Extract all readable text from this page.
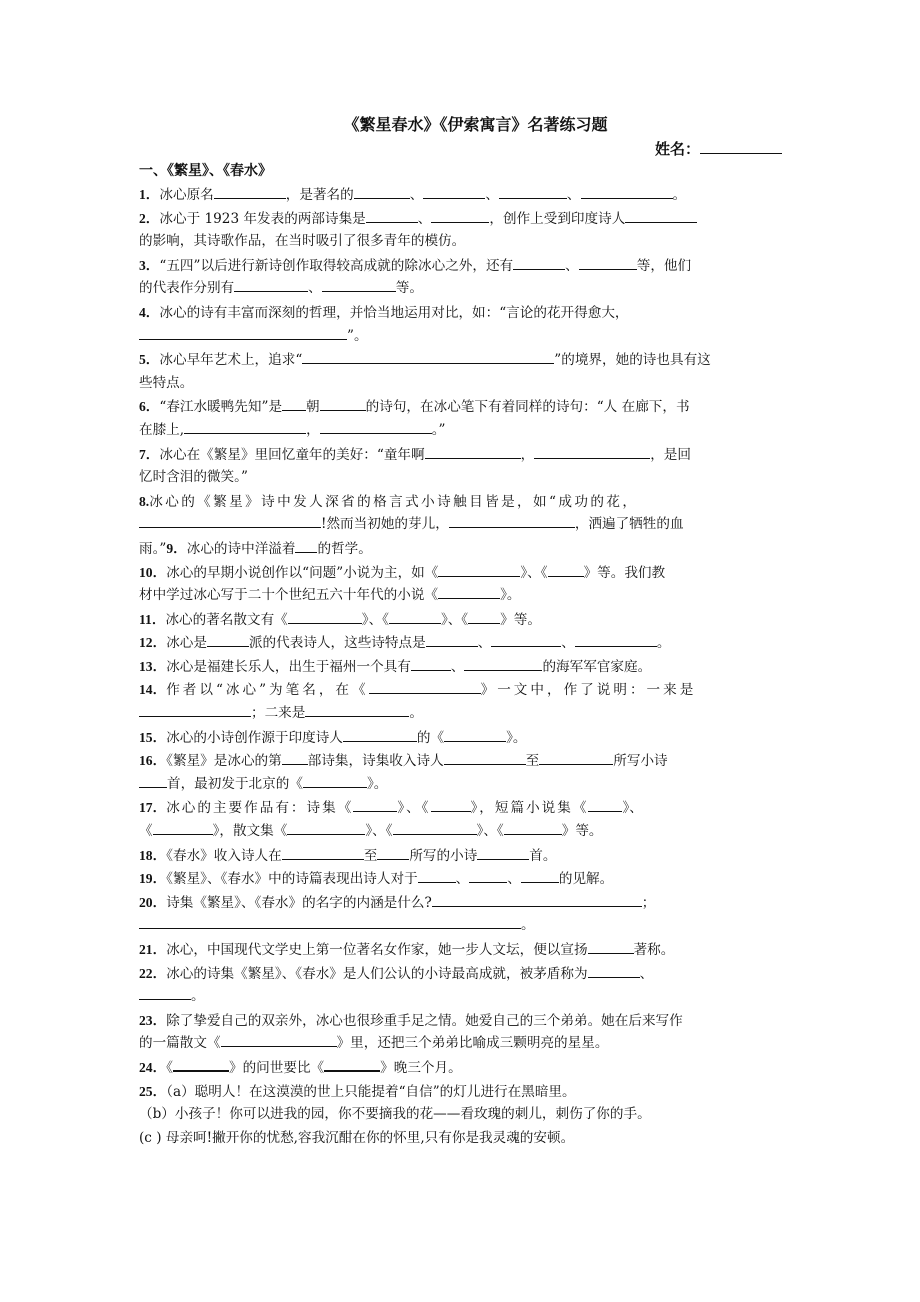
《繁星春水》《伊索寓言》名著练习题
姓名：
一、《繁星》、《春水》
1．冰心原名	，是著名的	、	、	、	。
2．冰心于 1923 年发表的两部诗集是	、	，创作上受到印度诗人
的影响，其诗歌作品，在当时吸引了很多青年的模仿。
3．“五四”以后进行新诗创作取得较高成就的除冰心之外，还有	、	等，他们
的代表作分别有	、	等。
4．冰心的诗有丰富而深刻的哲理，并恰当地运用对比，如：“言论的花开得愈大，
”。
5．冰心早年艺术上，追求“	”的境界，她的诗也具有这
些特点。
6．“春江水暖鸭先知”是 朝	的诗句，在冰心笔下有着同样的诗句：“人 在廊下，书
在膝上,	，	。”
7．冰心在《繁星》里回忆童年的美好：“童年啊	，	，是回
忆时含泪的微笑。”
8.冰心的《繁星》诗中发人深省的格言式小诗触目皆是，如“成功的花，
!然而当初她的芽儿，	，洒遍了牺牲的血
雨。”9．冰心的诗中洋溢着 的哲学。
10．冰心的早期小说创作以“问题”小说为主，如《	》、《	》等。我们教
材中学过冰心写于二十个世纪五六十年代的小说《	》。
11．冰心的著名散文有《	》、《	》、《 》等。
12．冰心是	派的代表诗人，这些诗特点是	、	、	。
13．冰心是福建长乐人，出生于福州一个具有	、	的海军军官家庭。
14．作者以“冰心”为笔名，在《	》一文中，作了说明：一来是
；二来是	。
15．冰心的小诗创作源于印度诗人	的《	》。
16．《繁星》是冰心的第 部诗集，诗集收入诗人	至	所写小诗
首，最初发于北京的《	》。
17．冰心的主要作品有：诗集《	》、《	》，短篇小说集《	》、
《	》，散文集《	》、《	》、《	》等。
18．《春水》收入诗人在	至 所写的小诗	首。
19．《繁星》、《春水》中的诗篇表现出诗人对于	、	、	的见解。
20．诗集《繁星》、《春水》的名字的内涵是什么?	；
。
21．冰心，中国现代文学史上第一位著名女作家，她一步人文坛，便以宣扬	著称。
22．冰心的诗集《繁星》、《春水》是人们公认的小诗最高成就，被茅盾称为	、
。
23．除了挚爱自己的双亲外，冰心也很珍重手足之情。她爱自己的三个弟弟。她在后来写作
的一篇散文《	》里，还把三个弟弟比喻成三颗明亮的星星。
24．《	》的问世要比《	》晚三个月。
25．（a）聪明人！在这漠漠的世上只能提着“自信”的灯儿进行在黑暗里。
（b）小孩子！你可以进我的园，你不要摘我的花——看玫瑰的刺儿，刺伤了你的手。
(c ) 母亲呵!撇开你的忧愁,容我沉酣在你的怀里,只有你是我灵魂的安顿。
